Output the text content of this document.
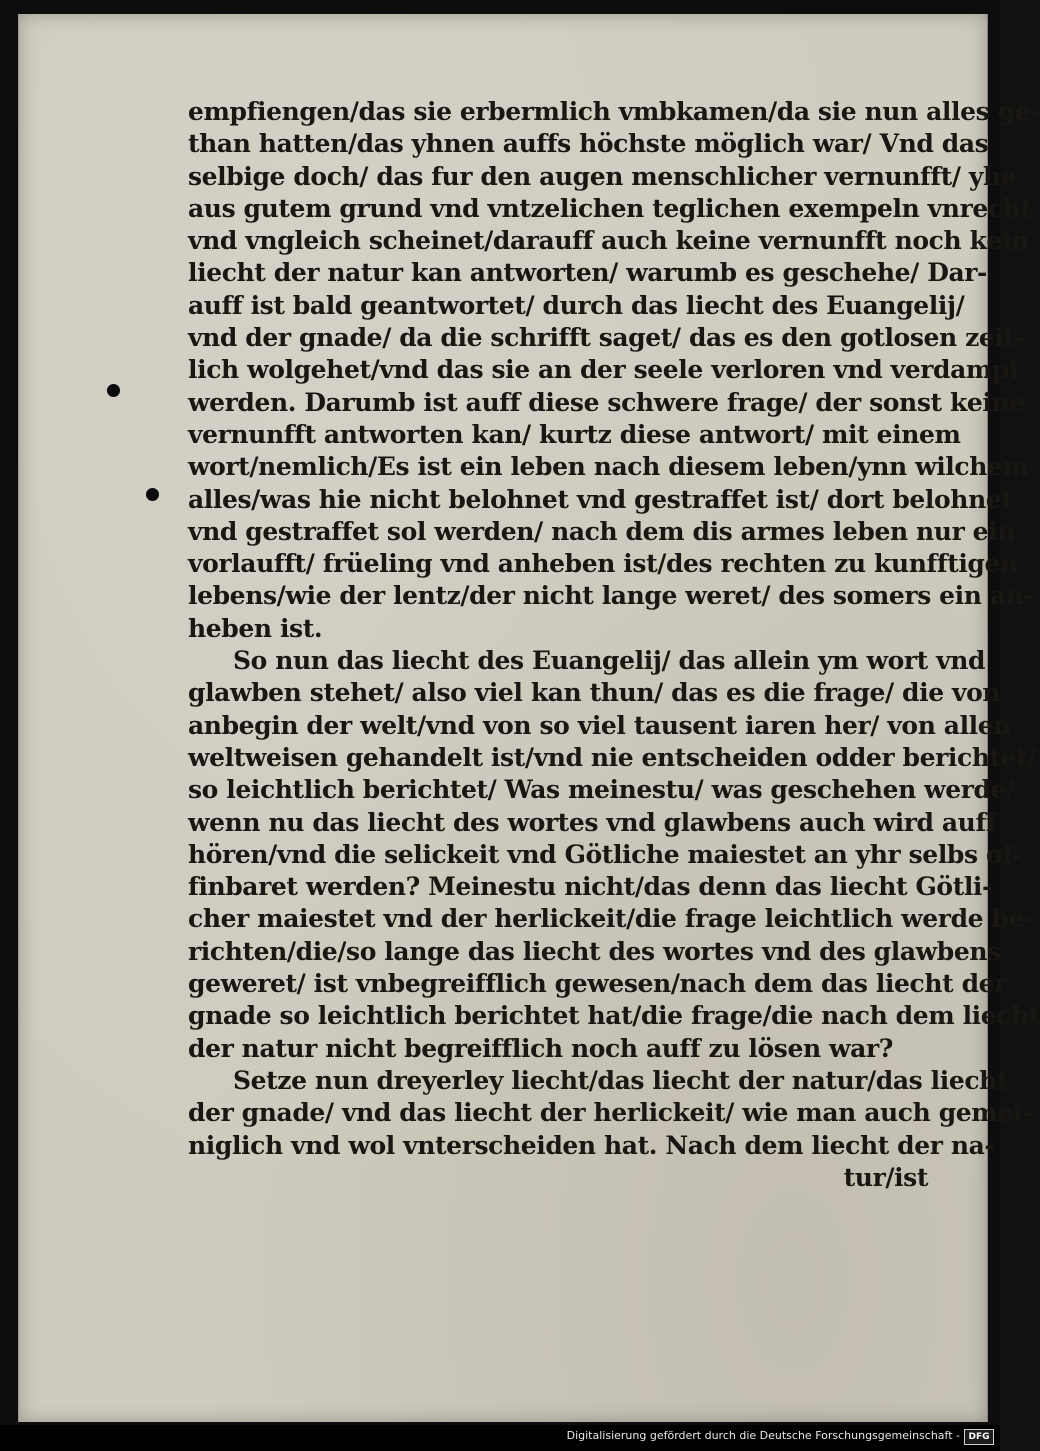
empfiengen/das sie erbermlich vmbkamen/da sie nun alles ge-
than hatten/das yhnen auffs höchste möglich war/ Vnd das
selbige doch/ das fur den augen menschlicher vernunfft/ yhe
aus gutem grund vnd vntzelichen teglichen exempeln vnrecht
vnd vngleich scheinet/darauff auch keine vernunfft noch kein
liecht der natur kan antworten/ warumb es geschehe/ Dar-
auff ist bald geantwortet/ durch das liecht des Euangelij/
vnd der gnade/ da die schrifft saget/ das es den gotlosen zeit-
lich wolgehet/vnd das sie an der seele verloren vnd verdampt
werden. Darumb ist auff diese schwere frage/ der sonst keine
vernunfft antworten kan/ kurtz diese antwort/ mit einem
wort/nemlich/Es ist ein leben nach diesem leben/ynn wilchem
alles/was hie nicht belohnet vnd gestraffet ist/ dort belohnet
vnd gestraffet sol werden/ nach dem dis armes leben nur ein
vorlaufft/ früeling vnd anheben ist/des rechten zu kunfftigen
lebens/wie der lentz/der nicht lange weret/ des somers ein an-
heben ist.
So nun das liecht des Euangelij/ das allein ym wort vnd
glawben stehet/ also viel kan thun/ das es die frage/ die von
anbegin der welt/vnd von so viel tausent iaren her/ von allen
weltweisen gehandelt ist/vnd nie entscheiden odder berichtet/
so leichtlich berichtet/ Was meinestu/ was geschehen werde/
wenn nu das liecht des wortes vnd glawbens auch wird auff
hören/vnd die selickeit vnd Götliche maiestet an yhr selbs of-
finbaret werden? Meinestu nicht/das denn das liecht Götli-
cher maiestet vnd der herlickeit/die frage leichtlich werde be-
richten/die/so lange das liecht des wortes vnd des glawbens
geweret/ ist vnbegreifflich gewesen/nach dem das liecht der
gnade so leichtlich berichtet hat/die frage/die nach dem liecht
der natur nicht begreifflich noch auff zu lösen war?
Setze nun dreyerley liecht/das liecht der natur/das liecht
der gnade/ vnd das liecht der herlickeit/ wie man auch gemei-
niglich vnd wol vnterscheiden hat. Nach dem liecht der na-
tur/ist
Digitalisierung gefördert durch die Deutsche Forschungsgemeinschaft - DFG
